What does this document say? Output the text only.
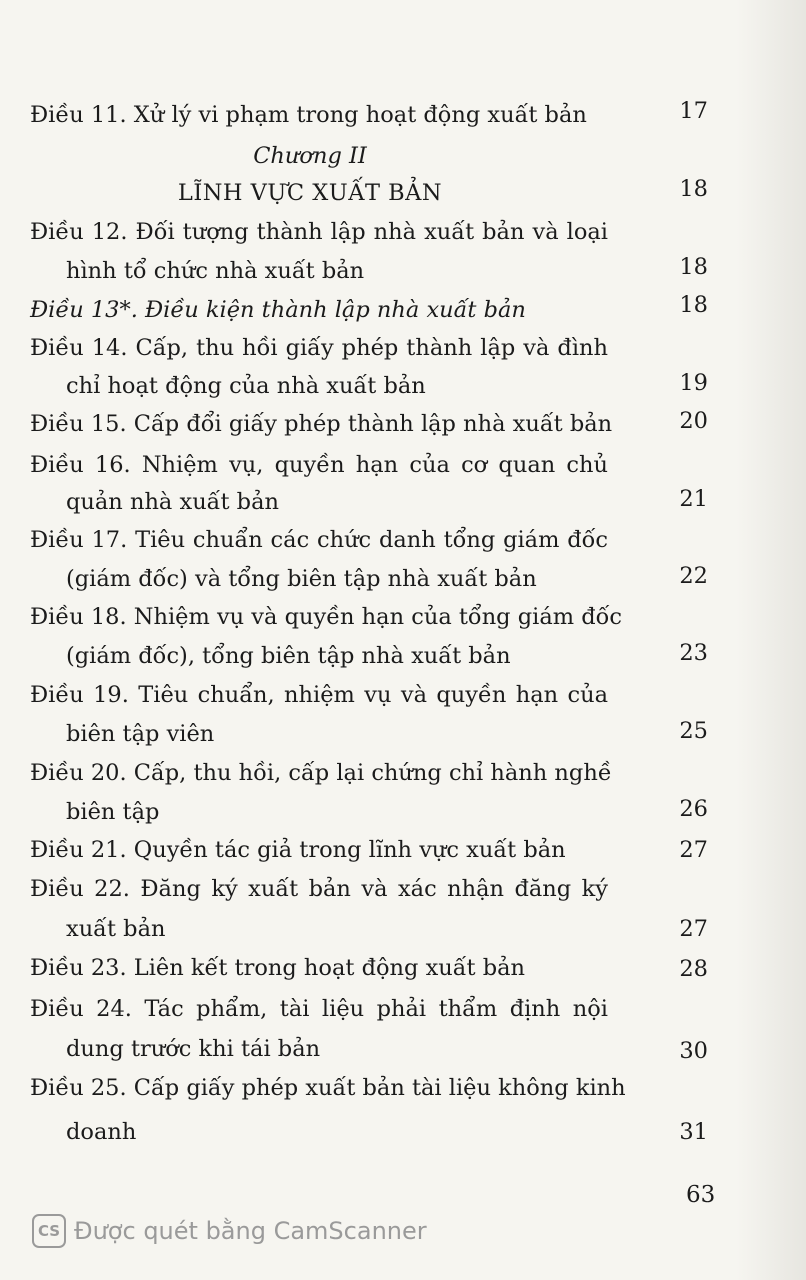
Điều 11. Xử lý vi phạm trong hoạt động xuất bản	17
Chương II
LĨNH VỰC XUẤT BẢN	18
Điều 12. Đối tượng thành lập nhà xuất bản và loại
hình tổ chức nhà xuất bản	18
Điều 13*. Điều kiện thành lập nhà xuất bản	18
Điều 14. Cấp, thu hồi giấy phép thành lập và đình
chỉ hoạt động của nhà xuất bản	19
Điều 15. Cấp đổi giấy phép thành lập nhà xuất bản	20
Điều 16. Nhiệm vụ, quyền hạn của cơ quan chủ
quản nhà xuất bản	21
Điều 17. Tiêu chuẩn các chức danh tổng giám đốc
(giám đốc) và tổng biên tập nhà xuất bản	22
Điều 18. Nhiệm vụ và quyền hạn của tổng giám đốc
(giám đốc), tổng biên tập nhà xuất bản	23
Điều 19. Tiêu chuẩn, nhiệm vụ và quyền hạn của
biên tập viên	25
Điều 20. Cấp, thu hồi, cấp lại chứng chỉ hành nghề
biên tập	26
Điều 21. Quyền tác giả trong lĩnh vực xuất bản	27
Điều 22. Đăng ký xuất bản và xác nhận đăng ký
xuất bản	27
Điều 23. Liên kết trong hoạt động xuất bản	28
Điều 24. Tác phẩm, tài liệu phải thẩm định nội
dung trước khi tái bản	30
Điều 25. Cấp giấy phép xuất bản tài liệu không kinh
doanh	31
63
CS Được quét bằng CamScanner
